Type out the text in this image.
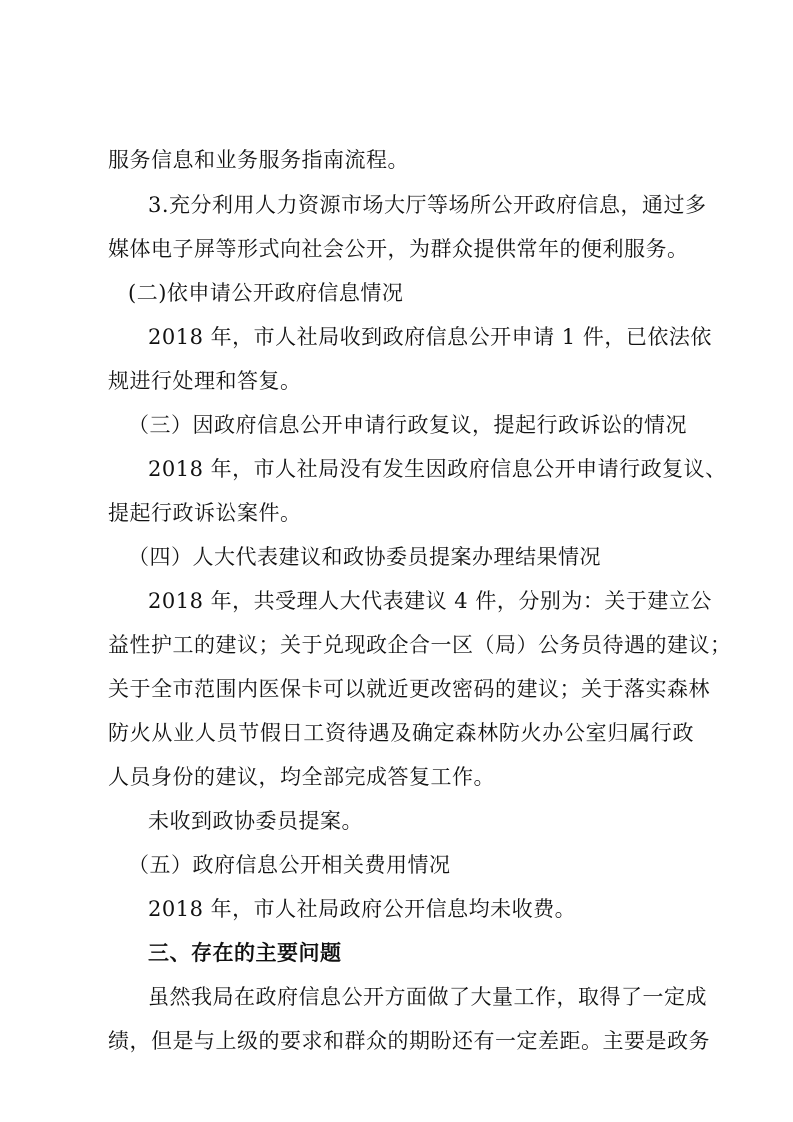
服务信息和业务服务指南流程。
3.充分利用人力资源市场大厅等场所公开政府信息，通过多
媒体电子屏等形式向社会公开，为群众提供常年的便利服务。
(二)依申请公开政府信息情况
2018 年，市人社局收到政府信息公开申请 1 件，已依法依
规进行处理和答复。
（三）因政府信息公开申请行政复议，提起行政诉讼的情况
2018 年，市人社局没有发生因政府信息公开申请行政复议、
提起行政诉讼案件。
（四）人大代表建议和政协委员提案办理结果情况
2018 年，共受理人大代表建议 4 件，分别为：关于建立公
益性护工的建议；关于兑现政企合一区（局）公务员待遇的建议；
关于全市范围内医保卡可以就近更改密码的建议；关于落实森林
防火从业人员节假日工资待遇及确定森林防火办公室归属行政
人员身份的建议，均全部完成答复工作。
未收到政协委员提案。
（五）政府信息公开相关费用情况
2018 年，市人社局政府公开信息均未收费。
三、存在的主要问题
虽然我局在政府信息公开方面做了大量工作，取得了一定成
绩，但是与上级的要求和群众的期盼还有一定差距。主要是政务
